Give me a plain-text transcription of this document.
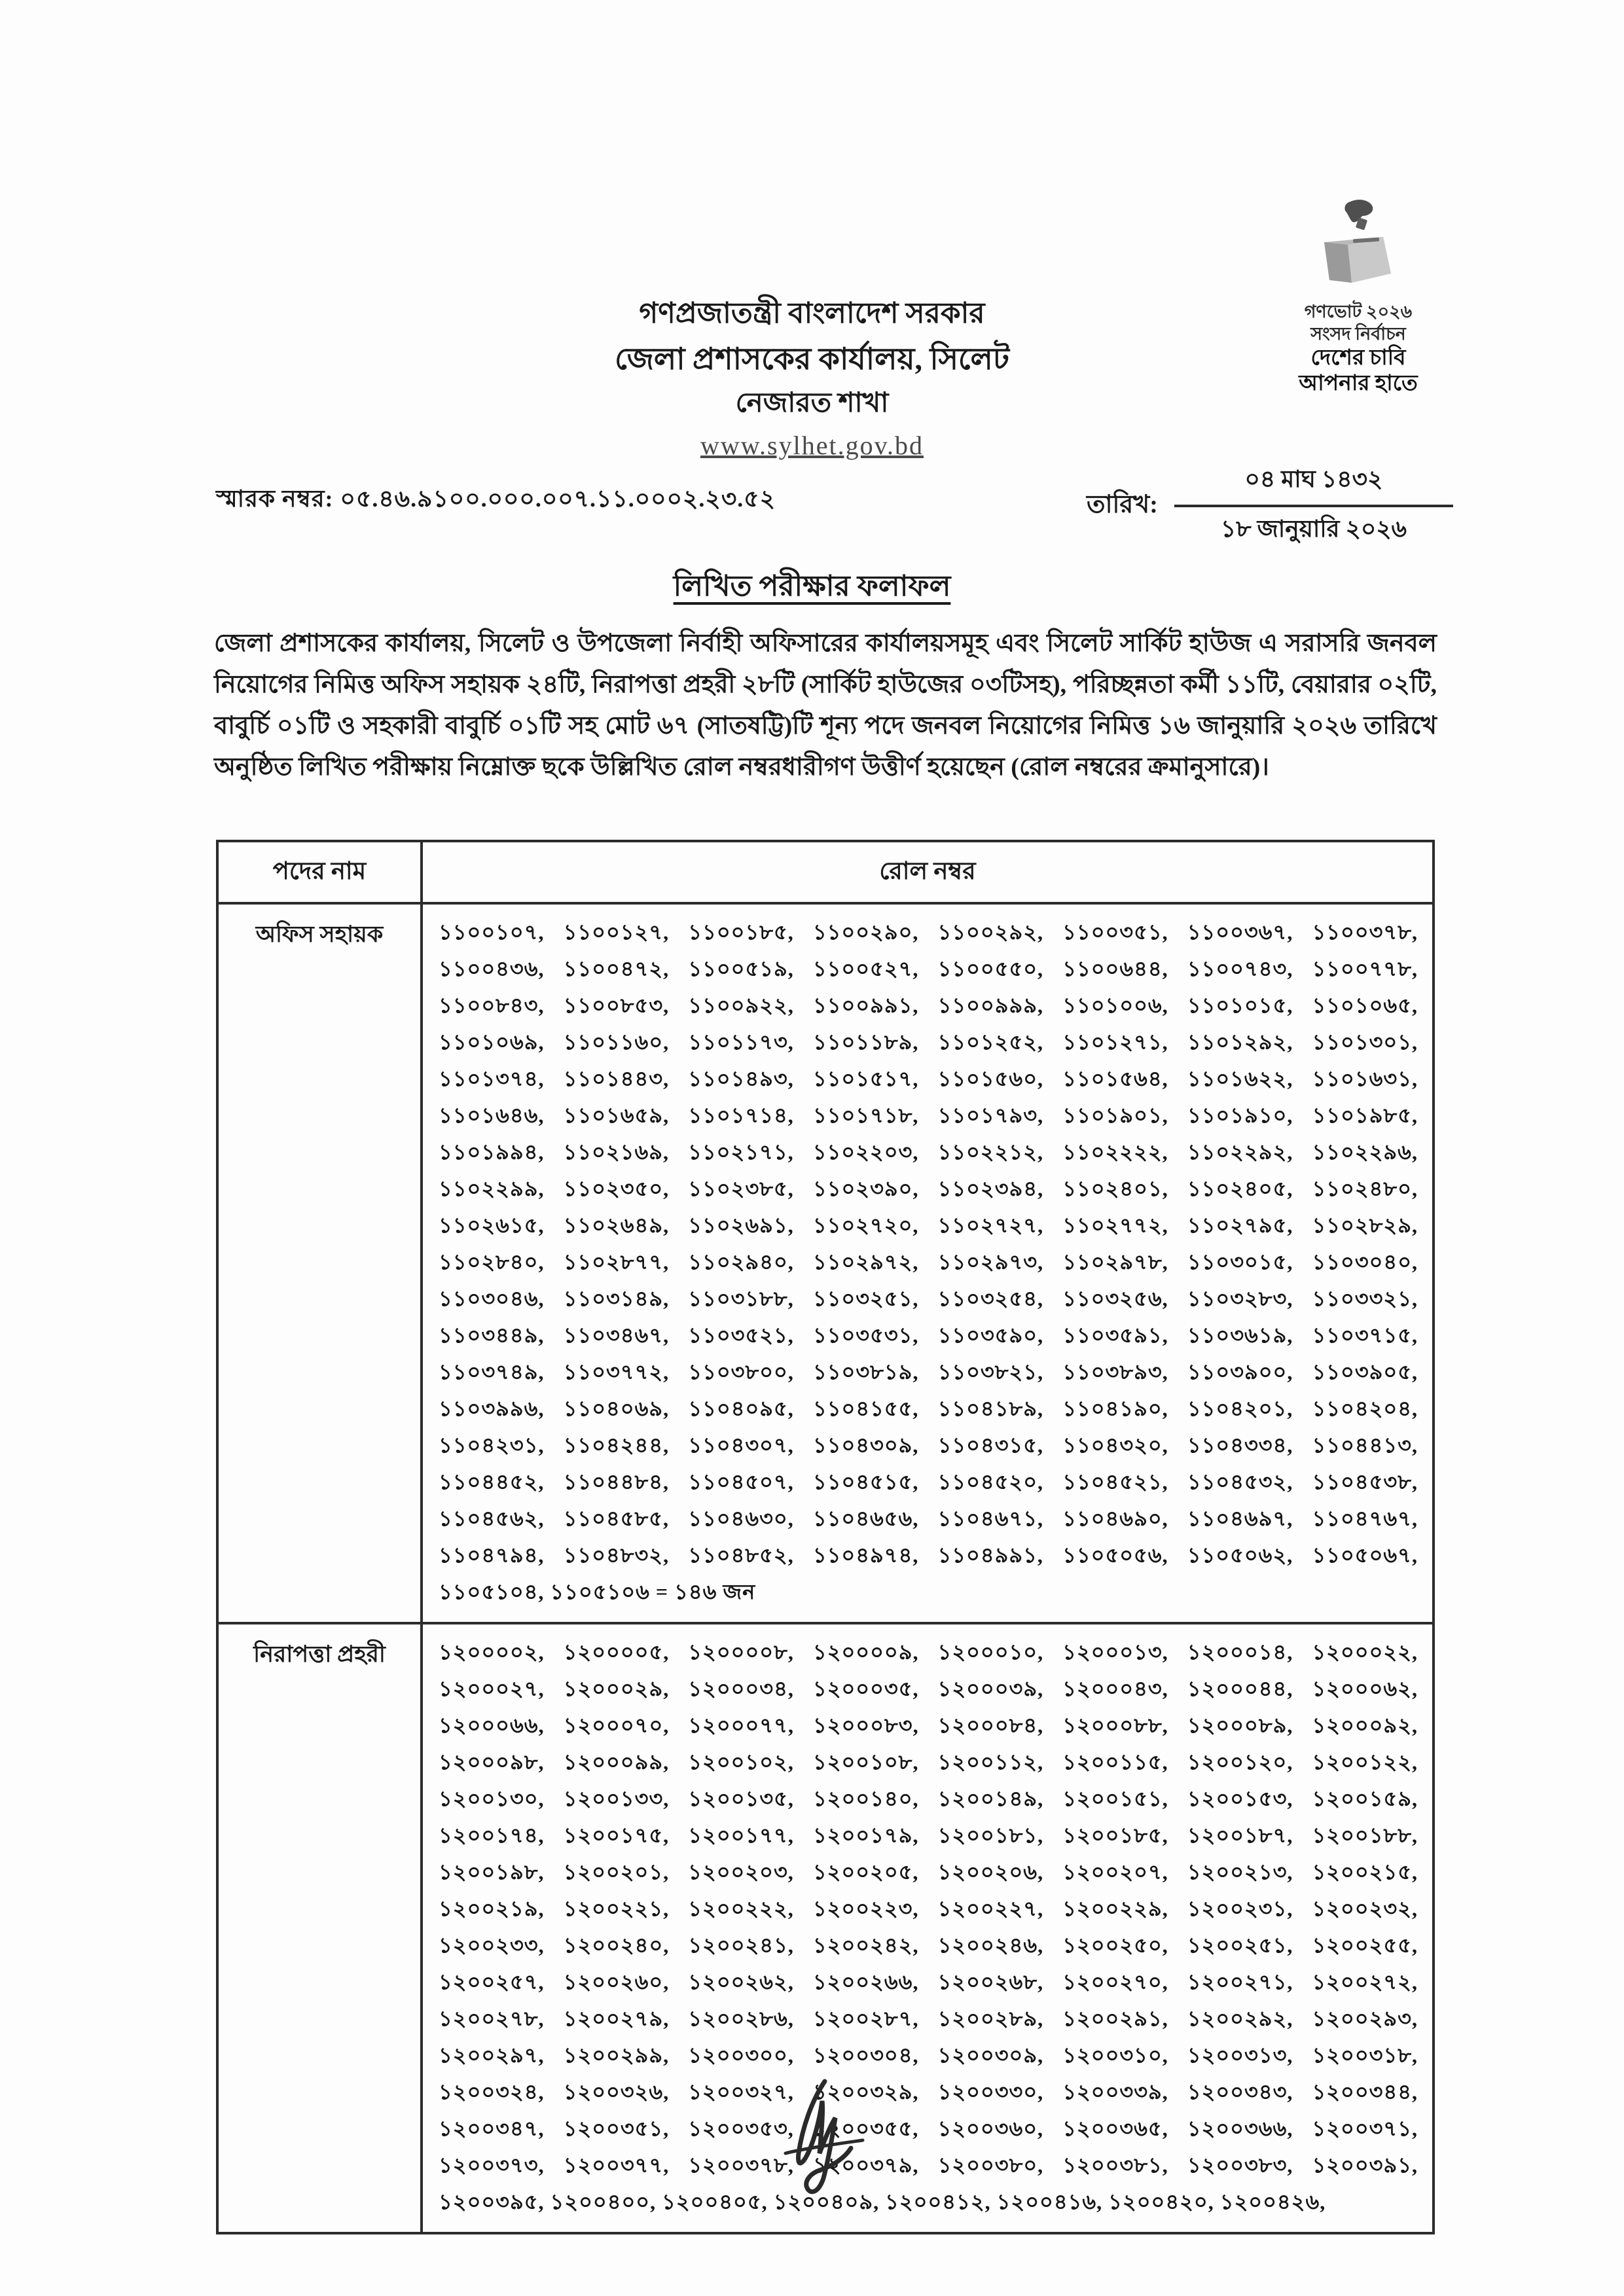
গণপ্রজাতন্ত্রী বাংলাদেশ সরকার
জেলা প্রশাসকের কার্যালয়, সিলেট
নেজারত শাখা
www.sylhet.gov.bd
গণভোট ২০২৬
সংসদ নির্বাচন
দেশের চাবি
আপনার হাতে
স্মারক নম্বর: ০৫.৪৬.৯১০০.০০০.০০৭.১১.০০০২.২৩.৫২	তারিখ:
০৪ মাঘ ১৪৩২
১৮ জানুয়ারি ২০২৬
লিখিত পরীক্ষার ফলাফল
জেলা প্রশাসকের কার্যালয়, সিলেট ও উপজেলা নির্বাহী অফিসারের কার্যালয়সমূহ এবং সিলেট সার্কিট হাউজ এ সরাসরি জনবল নিয়োগের নিমিত্ত অফিস সহায়ক ২৪টি, নিরাপত্তা প্রহরী ২৮টি (সার্কিট হাউজের ০৩টিসহ), পরিচ্ছন্নতা কর্মী ১১টি, বেয়ারার ০২টি, বাবুর্চি ০১টি ও সহকারী বাবুর্চি ০১টি সহ মোট ৬৭ (সাতষট্টি)টি শূন্য পদে জনবল নিয়োগের নিমিত্ত ১৬ জানুয়ারি ২০২৬ তারিখে অনুষ্ঠিত লিখিত পরীক্ষায় নিম্নোক্ত ছকে উল্লিখিত রোল নম্বরধারীগণ উত্তীর্ণ হয়েছেন (রোল নম্বরের ক্রমানুসারে)।
পদের নাম	রোল নম্বর
অফিস সহায়ক	১১০০১০৭, ১১০০১২৭, ১১০০১৮৫, ১১০০২৯০, ১১০০২৯২, ১১০০৩৫১, ১১০০৩৬৭, ১১০০৩৭৮, ১১০০৪৩৬, ১১০০৪৭২, ১১০০৫১৯, ১১০০৫২৭, ১১০০৫৫০, ১১০০৬৪৪, ১১০০৭৪৩, ১১০০৭৭৮, ১১০০৮৪৩, ১১০০৮৫৩, ১১০০৯২২, ১১০০৯৯১, ১১০০৯৯৯, ১১০১০০৬, ১১০১০১৫, ১১০১০৬৫, ১১০১০৬৯, ১১০১১৬০, ১১০১১৭৩, ১১০১১৮৯, ১১০১২৫২, ১১০১২৭১, ১১০১২৯২, ১১০১৩০১, ১১০১৩৭৪, ১১০১৪৪৩, ১১০১৪৯৩, ১১০১৫১৭, ১১০১৫৬০, ১১০১৫৬৪, ১১০১৬২২, ১১০১৬৩১, ১১০১৬৪৬, ১১০১৬৫৯, ১১০১৭১৪, ১১০১৭১৮, ১১০১৭৯৩, ১১০১৯০১, ১১০১৯১০, ১১০১৯৮৫, ১১০১৯৯৪, ১১০২১৬৯, ১১০২১৭১, ১১০২২০৩, ১১০২২১২, ১১০২২২২, ১১০২২৯২, ১১০২২৯৬, ১১০২২৯৯, ১১০২৩৫০, ১১০২৩৮৫, ১১০২৩৯০, ১১০২৩৯৪, ১১০২৪০১, ১১০২৪০৫, ১১০২৪৮০, ১১০২৬১৫, ১১০২৬৪৯, ১১০২৬৯১, ১১০২৭২০, ১১০২৭২৭, ১১০২৭৭২, ১১০২৭৯৫, ১১০২৮২৯, ১১০২৮৪০, ১১০২৮৭৭, ১১০২৯৪০, ১১০২৯৭২, ১১০২৯৭৩, ১১০২৯৭৮, ১১০৩০১৫, ১১০৩০৪০, ১১০৩০৪৬, ১১০৩১৪৯, ১১০৩১৮৮, ১১০৩২৫১, ১১০৩২৫৪, ১১০৩২৫৬, ১১০৩২৮৩, ১১০৩৩২১, ১১০৩৪৪৯, ১১০৩৪৬৭, ১১০৩৫২১, ১১০৩৫৩১, ১১০৩৫৯০, ১১০৩৫৯১, ১১০৩৬১৯, ১১০৩৭১৫, ১১০৩৭৪৯, ১১০৩৭৭২, ১১০৩৮০০, ১১০৩৮১৯, ১১০৩৮২১, ১১০৩৮৯৩, ১১০৩৯০০, ১১০৩৯০৫, ১১০৩৯৯৬, ১১০৪০৬৯, ১১০৪০৯৫, ১১০৪১৫৫, ১১০৪১৮৯, ১১০৪১৯০, ১১০৪২০১, ১১০৪২০৪, ১১০৪২৩১, ১১০৪২৪৪, ১১০৪৩০৭, ১১০৪৩০৯, ১১০৪৩১৫, ১১০৪৩২০, ১১০৪৩৩৪, ১১০৪৪১৩, ১১০৪৪৫২, ১১০৪৪৮৪, ১১০৪৫০৭, ১১০৪৫১৫, ১১০৪৫২০, ১১০৪৫২১, ১১০৪৫৩২, ১১০৪৫৩৮, ১১০৪৫৬২, ১১০৪৫৮৫, ১১০৪৬৩০, ১১০৪৬৫৬, ১১০৪৬৭১, ১১০৪৬৯০, ১১০৪৬৯৭, ১১০৪৭৬৭, ১১০৪৭৯৪, ১১০৪৮৩২, ১১০৪৮৫২, ১১০৪৯৭৪, ১১০৪৯৯১, ১১০৫০৫৬, ১১০৫০৬২, ১১০৫০৬৭, ১১০৫১০৪, ১১০৫১০৬ = ১৪৬ জন
নিরাপত্তা প্রহরী	১২০০০০২, ১২০০০০৫, ১২০০০০৮, ১২০০০০৯, ১২০০০১০, ১২০০০১৩, ১২০০০১৪, ১২০০০২২, ১২০০০২৭, ১২০০০২৯, ১২০০০৩৪, ১২০০০৩৫, ১২০০০৩৯, ১২০০০৪৩, ১২০০০৪৪, ১২০০০৬২, ১২০০০৬৬, ১২০০০৭০, ১২০০০৭৭, ১২০০০৮৩, ১২০০০৮৪, ১২০০০৮৮, ১২০০০৮৯, ১২০০০৯২, ১২০০০৯৮, ১২০০০৯৯, ১২০০১০২, ১২০০১০৮, ১২০০১১২, ১২০০১১৫, ১২০০১২০, ১২০০১২২, ১২০০১৩০, ১২০০১৩৩, ১২০০১৩৫, ১২০০১৪০, ১২০০১৪৯, ১২০০১৫১, ১২০০১৫৩, ১২০০১৫৯, ১২০০১৭৪, ১২০০১৭৫, ১২০০১৭৭, ১২০০১৭৯, ১২০০১৮১, ১২০০১৮৫, ১২০০১৮৭, ১২০০১৮৮, ১২০০১৯৮, ১২০০২০১, ১২০০২০৩, ১২০০২০৫, ১২০০২০৬, ১২০০২০৭, ১২০০২১৩, ১২০০২১৫, ১২০০২১৯, ১২০০২২১, ১২০০২২২, ১২০০২২৩, ১২০০২২৭, ১২০০২২৯, ১২০০২৩১, ১২০০২৩২, ১২০০২৩৩, ১২০০২৪০, ১২০০২৪১, ১২০০২৪২, ১২০০২৪৬, ১২০০২৫০, ১২০০২৫১, ১২০০২৫৫, ১২০০২৫৭, ১২০০২৬০, ১২০০২৬২, ১২০০২৬৬, ১২০০২৬৮, ১২০০২৭০, ১২০০২৭১, ১২০০২৭২, ১২০০২৭৮, ১২০০২৭৯, ১২০০২৮৬, ১২০০২৮৭, ১২০০২৮৯, ১২০০২৯১, ১২০০২৯২, ১২০০২৯৩, ১২০০২৯৭, ১২০০২৯৯, ১২০০৩০০, ১২০০৩০৪, ১২০০৩০৯, ১২০০৩১০, ১২০০৩১৩, ১২০০৩১৮, ১২০০৩২৪, ১২০০৩২৬, ১২০০৩২৭, ১২০০৩২৯, ১২০০৩৩০, ১২০০৩৩৯, ১২০০৩৪৩, ১২০০৩৪৪, ১২০০৩৪৭, ১২০০৩৫১, ১২০০৩৫৩, ১২০০৩৫৫, ১২০০৩৬০, ১২০০৩৬৫, ১২০০৩৬৬, ১২০০৩৭১, ১২০০৩৭৩, ১২০০৩৭৭, ১২০০৩৭৮, ১২০০৩৭৯, ১২০০৩৮০, ১২০০৩৮১, ১২০০৩৮৩, ১২০০৩৯১, ১২০০৩৯৫, ১২০০৪০০, ১২০০৪০৫, ১২০০৪০৯, ১২০০৪১২, ১২০০৪১৬, ১২০০৪২০, ১২০০৪২৬,
